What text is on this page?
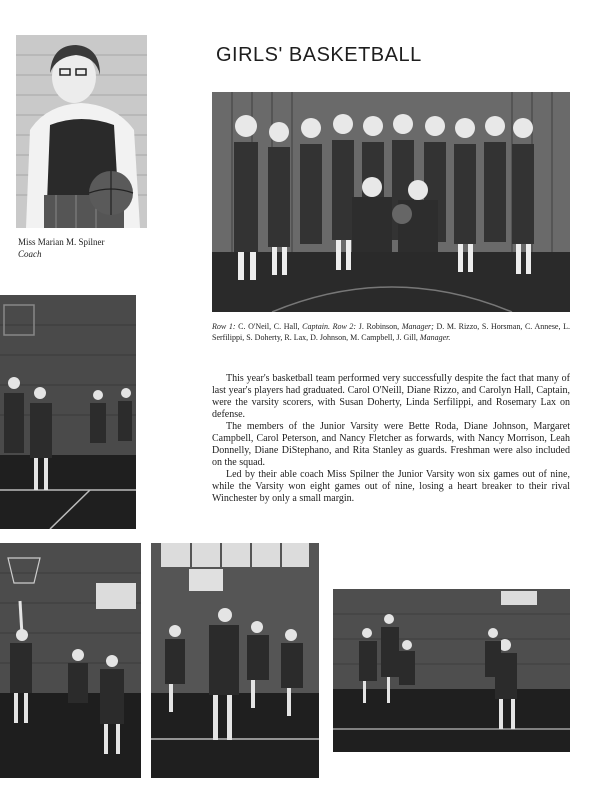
GIRLS' BASKETBALL
Miss Marian M. Spilner
Coach
Row 1: C. O'Neil, C. Hall, Captain. Row 2: J. Robinson, Manager; D. M. Rizzo, S. Horsman, C. Annese, L. Serfilippi, S. Doherty, R. Lax, D. Johnson, M. Campbell, J. Gill, Manager.

This year's basketball team performed very successfully despite the fact that many of last year's players had graduated. Carol O'Neill, Diane Rizzo, and Carolyn Hall, Captain, were the varsity scorers, with Susan Doherty, Linda Serfilippi, and Rosemary Lax on defense.

The members of the Junior Varsity were Bette Roda, Diane Johnson, Margaret Campbell, Carol Peterson, and Nancy Fletcher as forwards, with Nancy Morrison, Leah Donnelly, Diane DiStephano, and Rita Stanley as guards. Freshman were also included on the squad.

Led by their able coach Miss Spilner the Junior Varsity won six games out of nine, while the Varsity won eight games out of nine, losing a heart breaker to their rival Winchester by only a small margin.
